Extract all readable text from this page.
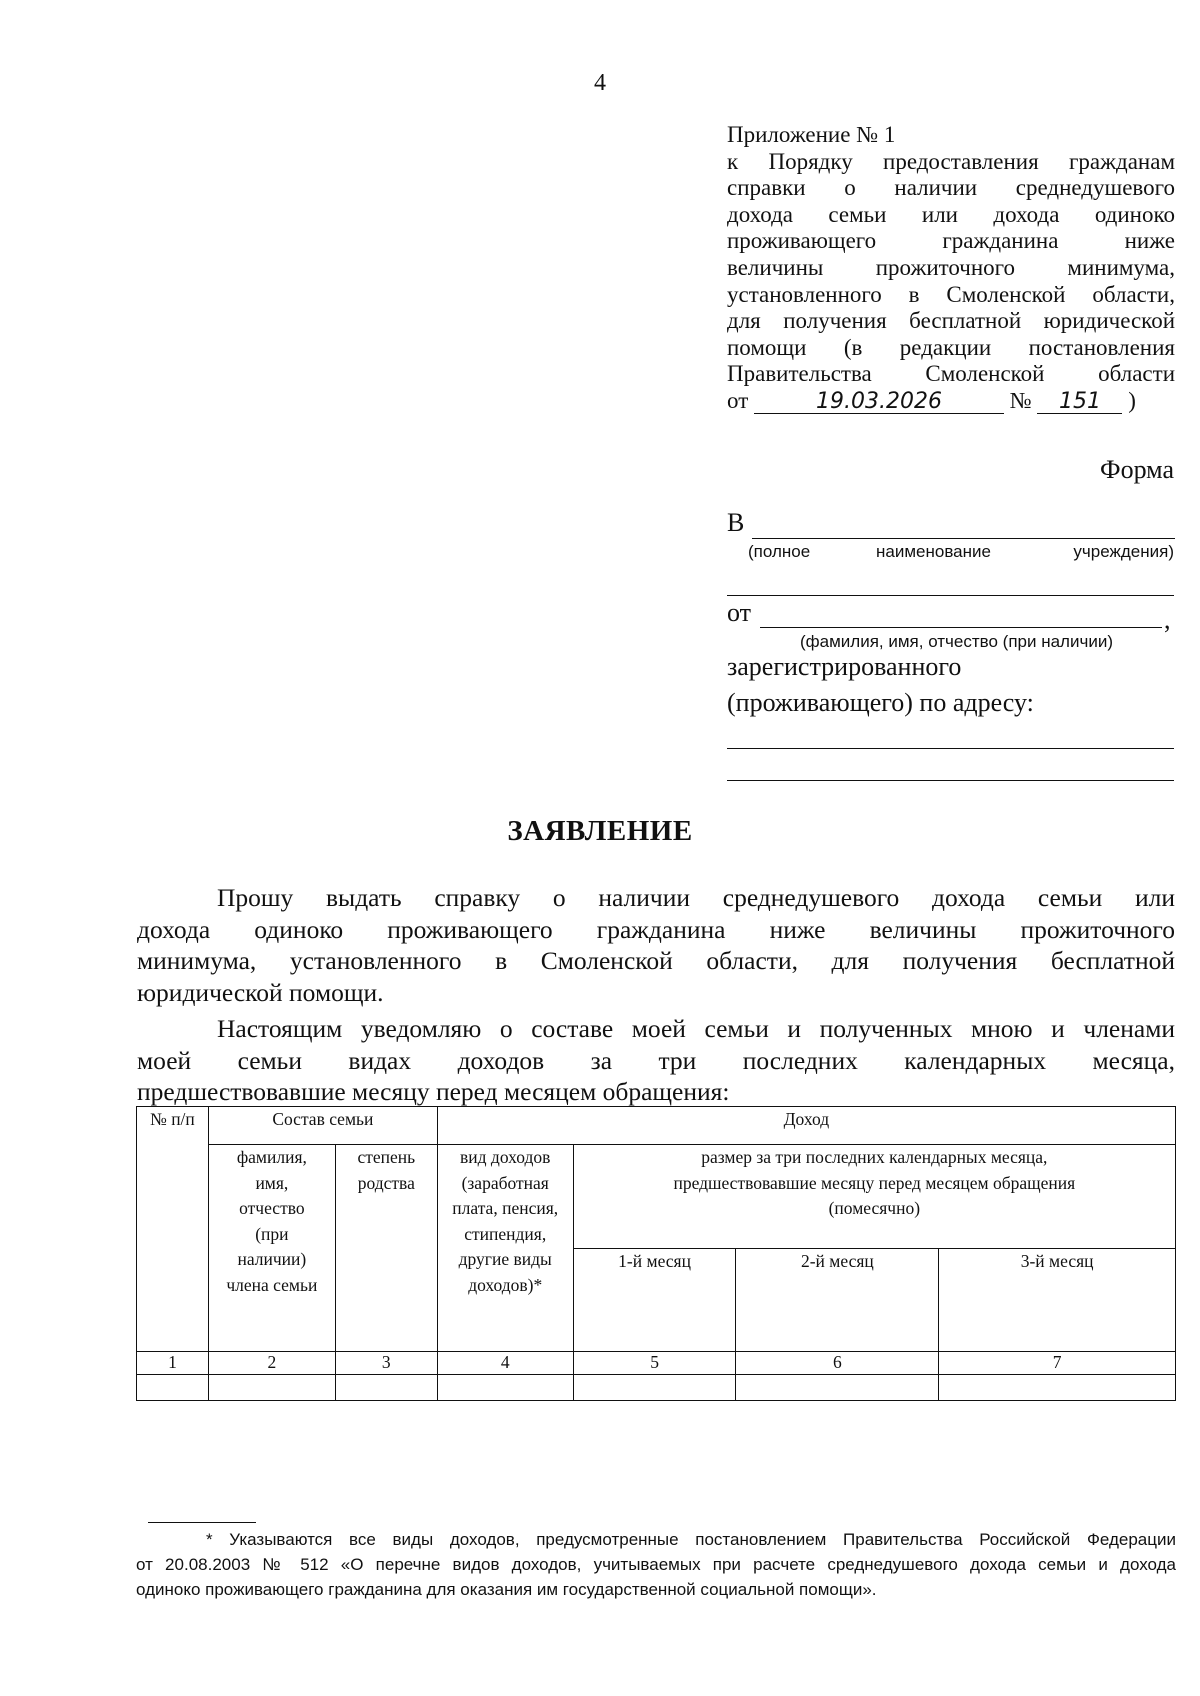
4
Приложение № 1
к Порядку предоставления гражданам
справки о наличии среднедушевого
дохода семьи или дохода одиноко
проживающего гражданина ниже
величины прожиточного минимума,
установленного в Смоленской области,
для получения бесплатной юридической
помощи (в редакции постановления
Правительства Смоленской области
от	19.03.2026	№ 151 )
Форма
В
(полное	наименование	учреждения)
от	,
(фамилия, имя, отчество (при наличии)
зарегистрированного
(проживающего) по адресу:
ЗАЯВЛЕНИЕ
Прошу выдать справку о наличии среднедушевого дохода семьи или
дохода одиноко проживающего гражданина ниже величины прожиточного
минимума, установленного в Смоленской области, для получения бесплатной
юридической помощи.
Настоящим уведомляю о составе моей семьи и полученных мною и членами
моей семьи видах доходов за три последних календарных месяца,
предшествовавшие месяцу перед месяцем обращения:
№ п/п	Состав семьи		Доход			
	фамилия, имя, отчество (при наличии) члена семьи	степень родства	вид доходов (заработная плата, пенсия, стипендия, другие виды доходов)*	размер за три последних календарных месяца, предшествовавшие месяцу перед месяцем обращения (помесячно)		
				1-й месяц	2-й месяц	3-й месяц
1	2	3	4	5	6	7

* Указываются все виды доходов, предусмотренные постановлением Правительства Российской Федерации
от 20.08.2003 № 512 «О перечне видов доходов, учитываемых при расчете среднедушевого дохода семьи и дохода
одиноко проживающего гражданина для оказания им государственной социальной помощи».
